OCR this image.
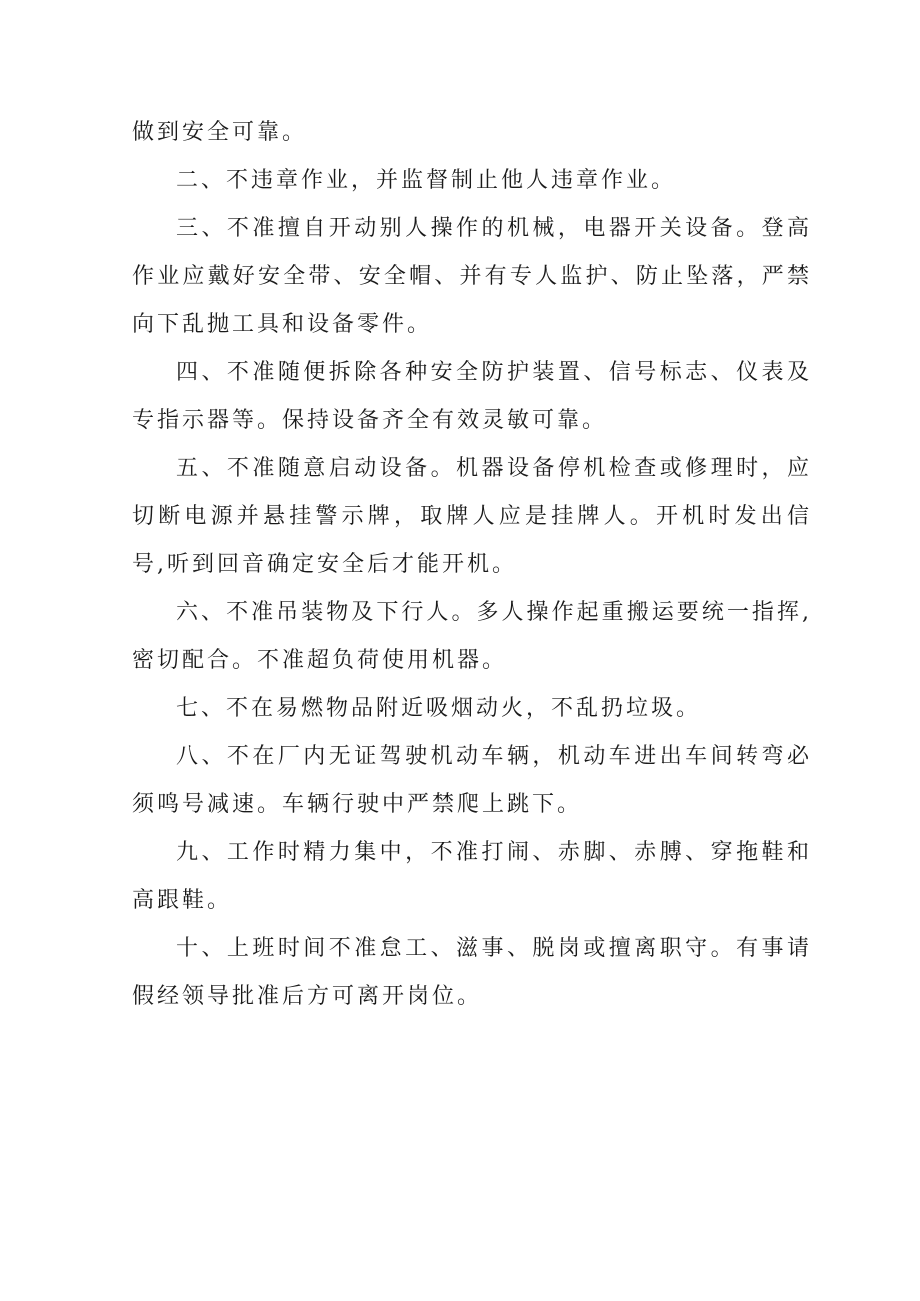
做到安全可靠。

二、不违章作业，并监督制止他人违章作业。

三、不准擅自开动别人操作的机械，电器开关设备。登高作业应戴好安全带、安全帽、并有专人监护、防止坠落，严禁向下乱抛工具和设备零件。

四、不准随便拆除各种安全防护装置、信号标志、仪表及专指示器等。保持设备齐全有效灵敏可靠。

五、不准随意启动设备。机器设备停机检查或修理时，应切断电源并悬挂警示牌，取牌人应是挂牌人。开机时发出信号,听到回音确定安全后才能开机。

六、不准吊装物及下行人。多人操作起重搬运要统一指挥,密切配合。不准超负荷使用机器。

七、不在易燃物品附近吸烟动火，不乱扔垃圾。

八、不在厂内无证驾驶机动车辆，机动车进出车间转弯必须鸣号减速。车辆行驶中严禁爬上跳下。

九、工作时精力集中，不准打闹、赤脚、赤膊、穿拖鞋和高跟鞋。

十、上班时间不准怠工、滋事、脱岗或擅离职守。有事请假经领导批准后方可离开岗位。
